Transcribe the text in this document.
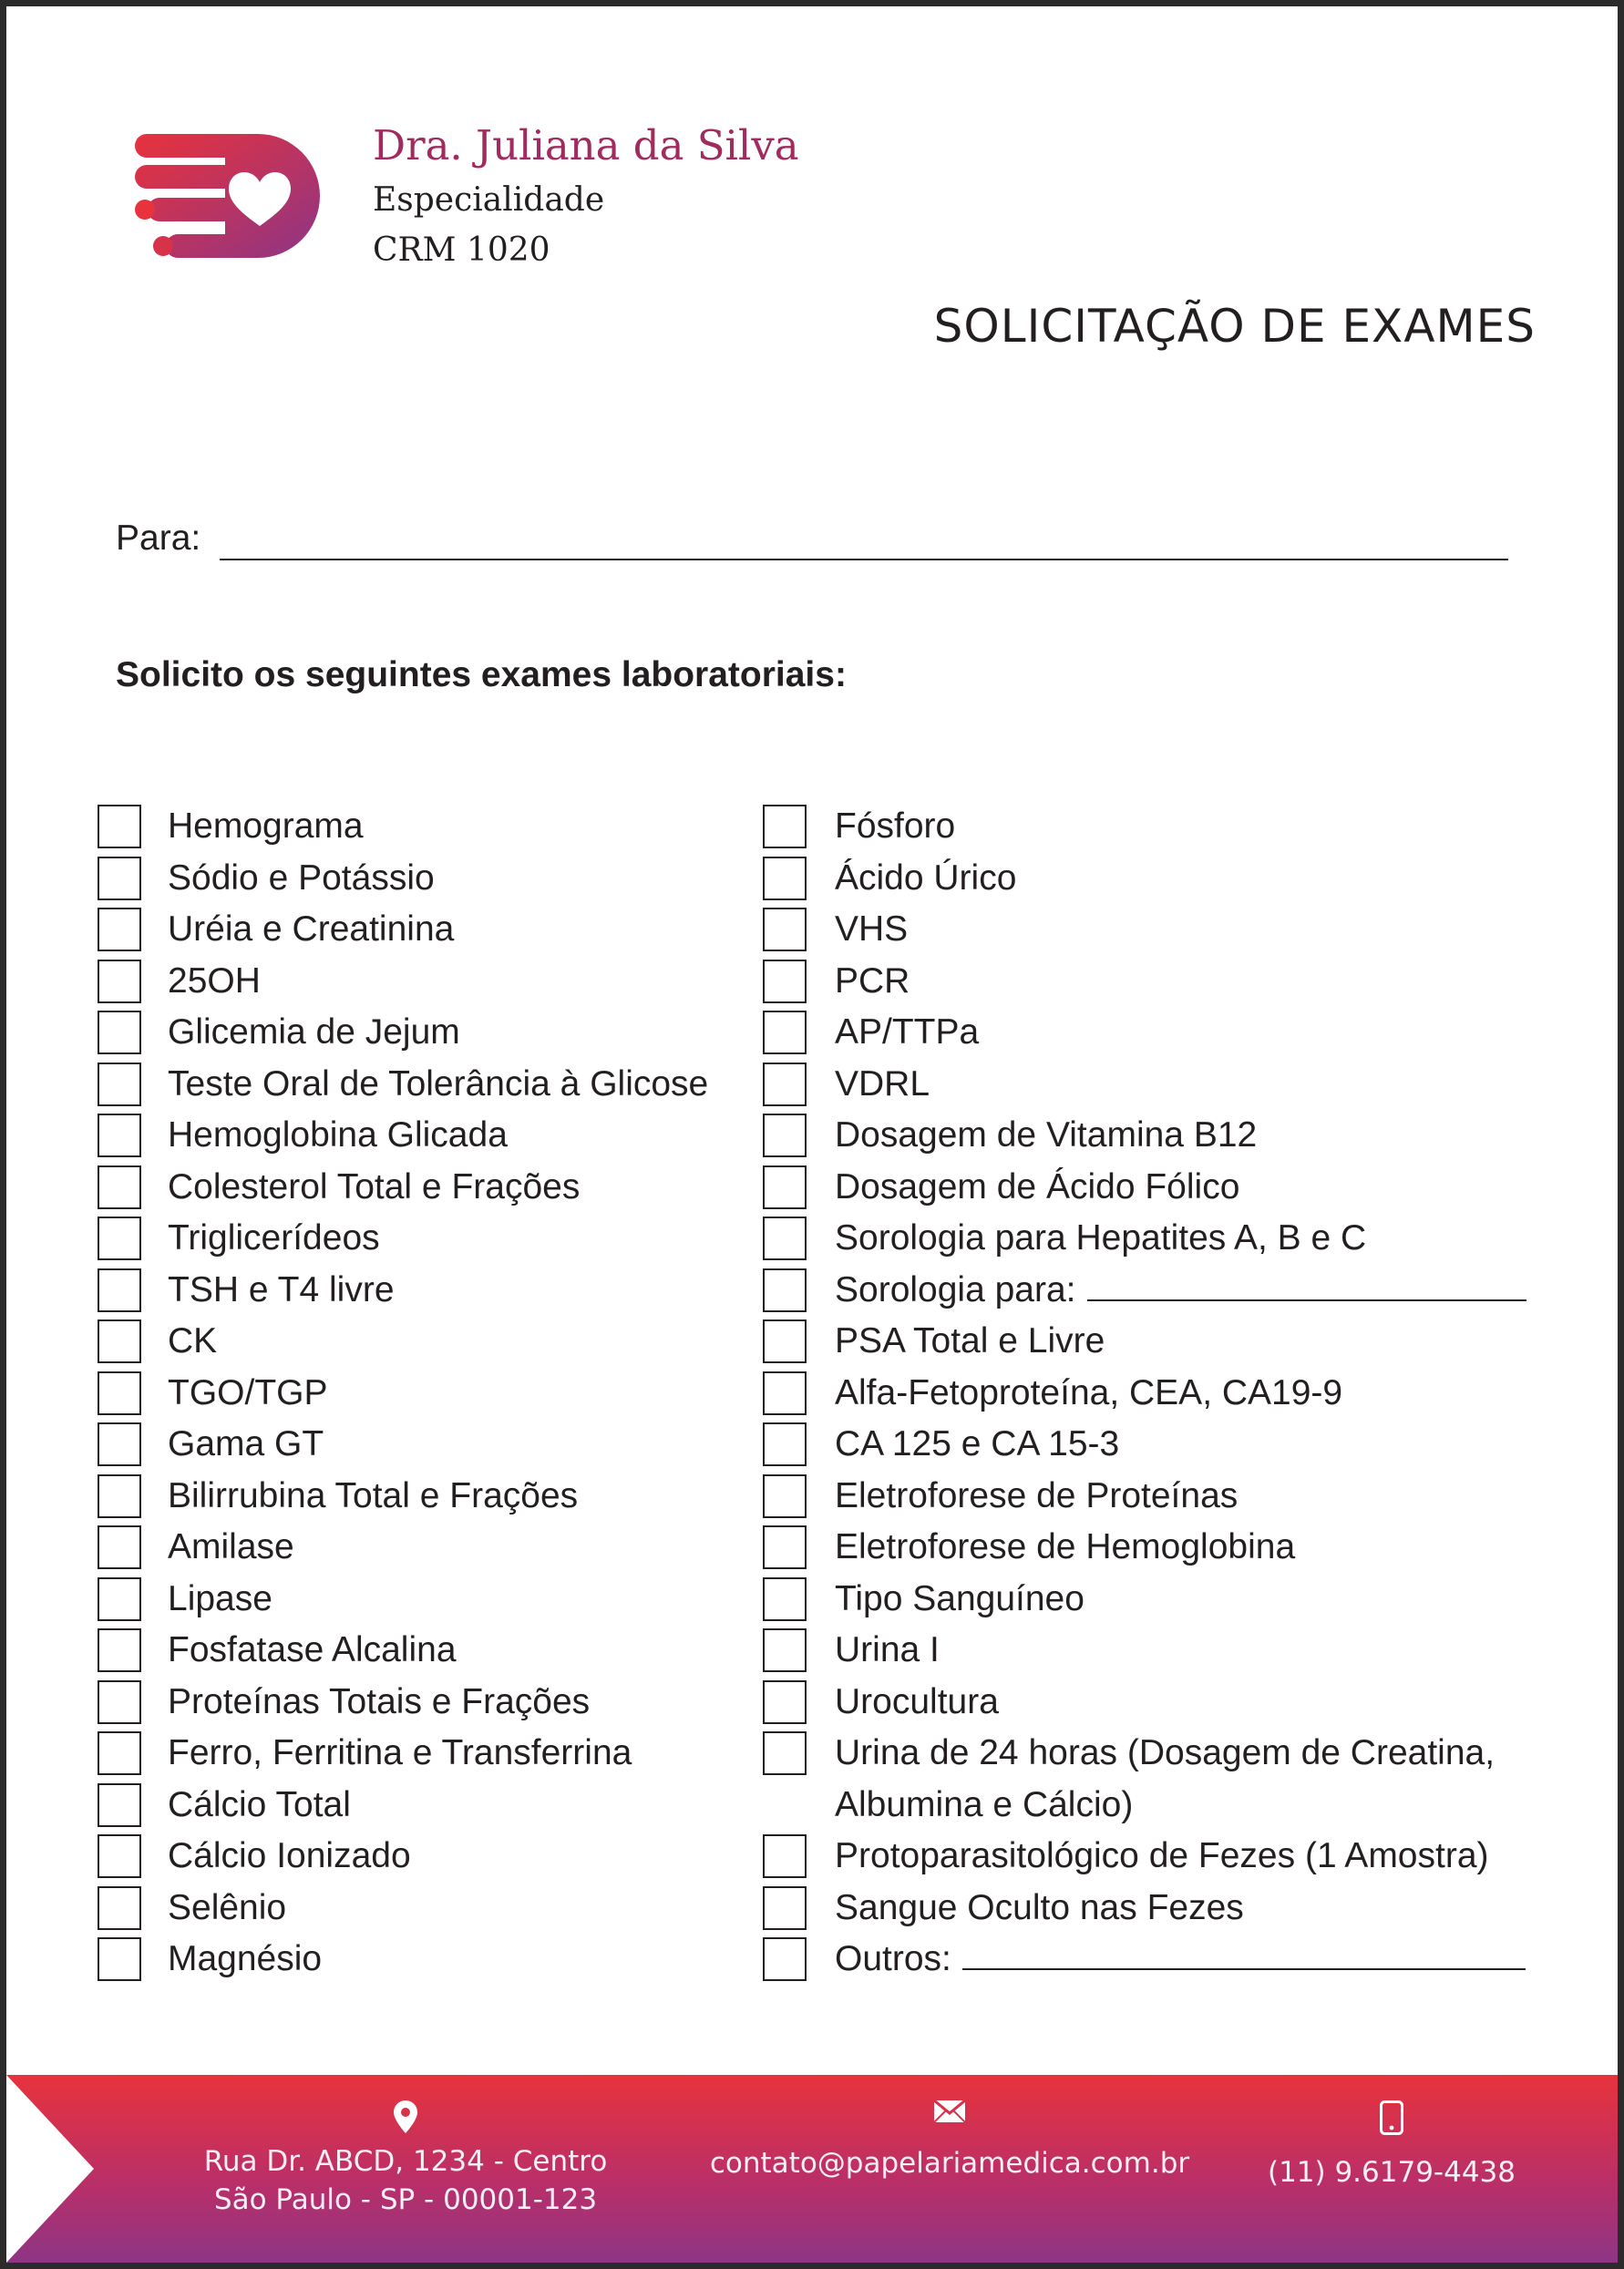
Dra. Juliana da Silva
Especialidade
CRM 1020
SOLICITAÇÃO DE EXAMES
Para:
Solicito os seguintes exames laboratoriais:
Hemograma
Sódio e Potássio
Uréia e Creatinina
25OH
Glicemia de Jejum
Teste Oral de Tolerância à Glicose
Hemoglobina Glicada
Colesterol Total e Frações
Triglicerídeos
TSH e T4 livre
CK
TGO/TGP
Gama GT
Bilirrubina Total e Frações
Amilase
Lipase
Fosfatase Alcalina
Proteínas Totais e Frações
Ferro, Ferritina e Transferrina
Cálcio Total
Cálcio Ionizado
Selênio
Magnésio
Fósforo
Ácido Úrico
VHS
PCR
AP/TTPa
VDRL
Dosagem de Vitamina B12
Dosagem de Ácido Fólico
Sorologia para Hepatites A, B e C
Sorologia para:
PSA Total e Livre
Alfa-Fetoproteína, CEA, CA19-9
CA 125 e CA 15-3
Eletroforese de Proteínas
Eletroforese de Hemoglobina
Tipo Sanguíneo
Urina I
Urocultura
Urina de 24 horas (Dosagem de Creatina,
Albumina e Cálcio)
Protoparasitológico de Fezes (1 Amostra)
Sangue Oculto nas Fezes
Outros:
Rua Dr. ABCD, 1234 - Centro
São Paulo - SP - 00001-123
contato@papelariamedica.com.br	(11) 9.6179-4438
